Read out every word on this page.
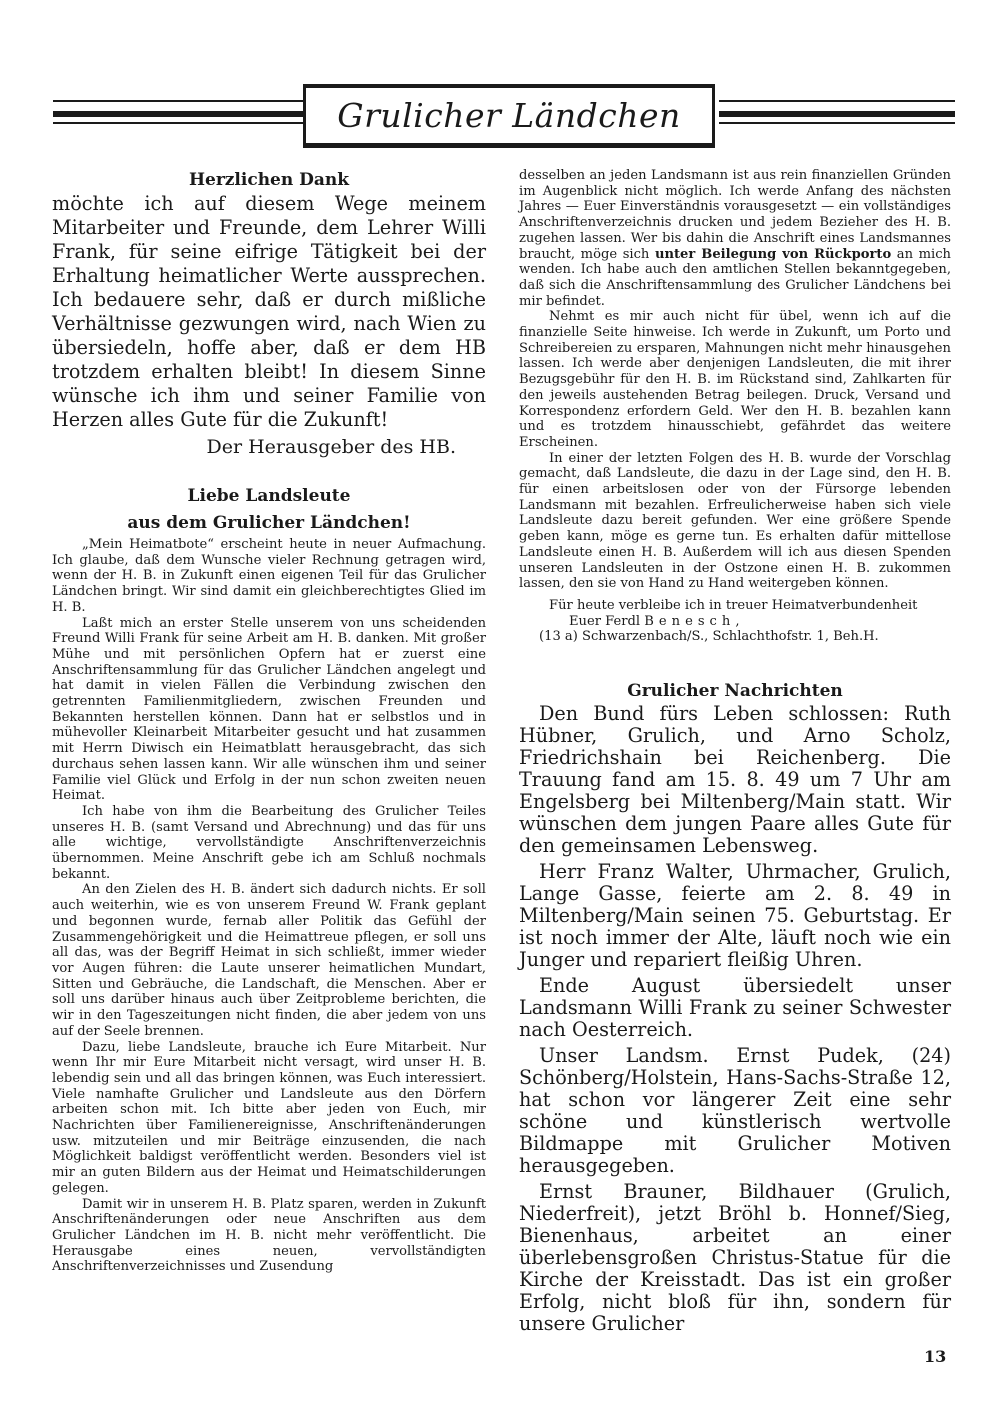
Grulicher Ländchen
Herzlichen Dank

möchte ich auf diesem Wege meinem Mitarbeiter und Freunde, dem Lehrer Willi Frank, für seine eifrige Tätigkeit bei der Erhaltung heimatlicher Werte aussprechen. Ich bedauere sehr, daß er durch mißliche Verhältnisse gezwungen wird, nach Wien zu übersiedeln, hoffe aber, daß er dem HB trotzdem erhalten bleibt! In diesem Sinne wünsche ich ihm und seiner Familie von Herzen alles Gute für die Zukunft!

Der Herausgeber des HB.

Liebe Landsleute
aus dem Grulicher Ländchen!

„Mein Heimatbote“ erscheint heute in neuer Aufmachung. Ich glaube, daß dem Wunsche vieler Rechnung getragen wird, wenn der H. B. in Zukunft einen eigenen Teil für das Grulicher Ländchen bringt. Wir sind damit ein gleichberechtigtes Glied im H. B.

Laßt mich an erster Stelle unserem von uns scheidenden Freund Willi Frank für seine Arbeit am H. B. danken. Mit großer Mühe und mit persönlichen Opfern hat er zuerst eine Anschriftensammlung für das Grulicher Ländchen angelegt und hat damit in vielen Fällen die Verbindung zwischen den getrennten Familienmitgliedern, zwischen Freunden und Bekannten herstellen können. Dann hat er selbstlos und in mühevoller Kleinarbeit Mitarbeiter gesucht und hat zusammen mit Herrn Diwisch ein Heimatblatt herausgebracht, das sich durchaus sehen lassen kann. Wir alle wünschen ihm und seiner Familie viel Glück und Erfolg in der nun schon zweiten neuen Heimat.

Ich habe von ihm die Bearbeitung des Grulicher Teiles unseres H. B. (samt Versand und Abrechnung) und das für uns alle wichtige, vervollständigte Anschriftenverzeichnis übernommen. Meine Anschrift gebe ich am Schluß nochmals bekannt.

An den Zielen des H. B. ändert sich dadurch nichts. Er soll auch weiterhin, wie es von unserem Freund W. Frank geplant und begonnen wurde, fernab aller Politik das Gefühl der Zusammengehörigkeit und die Heimattreue pflegen, er soll uns all das, was der Begriff Heimat in sich schließt, immer wieder vor Augen führen: die Laute unserer heimatlichen Mundart, Sitten und Gebräuche, die Landschaft, die Menschen. Aber er soll uns darüber hinaus auch über Zeitprobleme berichten, die wir in den Tageszeitungen nicht finden, die aber jedem von uns auf der Seele brennen.

Dazu, liebe Landsleute, brauche ich Eure Mitarbeit. Nur wenn Ihr mir Eure Mitarbeit nicht versagt, wird unser H. B. lebendig sein und all das bringen können, was Euch interessiert. Viele namhafte Grulicher und Landsleute aus den Dörfern arbeiten schon mit. Ich bitte aber jeden von Euch, mir Nachrichten über Familienereignisse, Anschriftenänderungen usw. mitzuteilen und mir Beiträge einzusenden, die nach Möglichkeit baldigst veröffentlicht werden. Besonders viel ist mir an guten Bildern aus der Heimat und Heimatschilderungen gelegen.

Damit wir in unserem H. B. Platz sparen, werden in Zukunft Anschriftenänderungen oder neue Anschriften aus dem Grulicher Ländchen im H. B. nicht mehr veröffentlicht. Die Herausgabe eines neuen, vervollständigten Anschriftenverzeichnisses und Zusendung

desselben an jeden Landsmann ist aus rein finanziellen Gründen im Augenblick nicht möglich. Ich werde Anfang des nächsten Jahres — Euer Einverständnis vorausgesetzt — ein vollständiges Anschriftenverzeichnis drucken und jedem Bezieher des H. B. zugehen lassen. Wer bis dahin die Anschrift eines Landsmannes braucht, möge sich unter Beilegung von Rückporto an mich wenden. Ich habe auch den amtlichen Stellen bekanntgegeben, daß sich die Anschriftensammlung des Grulicher Ländchens bei mir befindet.

Nehmt es mir auch nicht für übel, wenn ich auf die finanzielle Seite hinweise. Ich werde in Zukunft, um Porto und Schreibereien zu ersparen, Mahnungen nicht mehr hinausgehen lassen. Ich werde aber denjenigen Landsleuten, die mit ihrer Bezugsgebühr für den H. B. im Rückstand sind, Zahlkarten für den jeweils austehenden Betrag beilegen. Druck, Versand und Korrespondenz erfordern Geld. Wer den H. B. bezahlen kann und es trotzdem hinausschiebt, gefährdet das weitere Erscheinen.

In einer der letzten Folgen des H. B. wurde der Vorschlag gemacht, daß Landsleute, die dazu in der Lage sind, den H. B. für einen arbeitslosen oder von der Fürsorge lebenden Landsmann mit bezahlen. Erfreulicherweise haben sich viele Landsleute dazu bereit gefunden. Wer eine größere Spende geben kann, möge es gerne tun. Es erhalten dafür mittellose Landsleute einen H. B. Außerdem will ich aus diesen Spenden unseren Landsleuten in der Ostzone einen H. B. zukommen lassen, den sie von Hand zu Hand weitergeben können.

Für heute verbleibe ich in treuer Heimatverbundenheit Euer Ferdl Benesch,

(13 a) Schwarzenbach/S., Schlachthofstr. 1, Beh.H.

Grulicher Nachrichten

Den Bund fürs Leben schlossen: Ruth Hübner, Grulich, und Arno Scholz, Friedrichshain bei Reichenberg. Die Trauung fand am 15. 8. 49 um 7 Uhr am Engelsberg bei Miltenberg/Main statt. Wir wünschen dem jungen Paare alles Gute für den gemeinsamen Lebensweg.

Herr Franz Walter, Uhrmacher, Grulich, Lange Gasse, feierte am 2. 8. 49 in Miltenberg/Main seinen 75. Geburtstag. Er ist noch immer der Alte, läuft noch wie ein Junger und repariert fleißig Uhren.

Ende August übersiedelt unser Landsmann Willi Frank zu seiner Schwester nach Oesterreich.

Unser Landsm. Ernst Pudek, (24) Schönberg/Holstein, Hans-Sachs-Straße 12, hat schon vor längerer Zeit eine sehr schöne und künstlerisch wertvolle Bildmappe mit Grulicher Motiven herausgegeben.

Ernst Brauner, Bildhauer (Grulich, Niederfreit), jetzt Bröhl b. Honnef/Sieg, Bienenhaus, arbeitet an einer überlebensgroßen Christus-Statue für die Kirche der Kreisstadt. Das ist ein großer Erfolg, nicht bloß für ihn, sondern für unsere Grulicher

13
